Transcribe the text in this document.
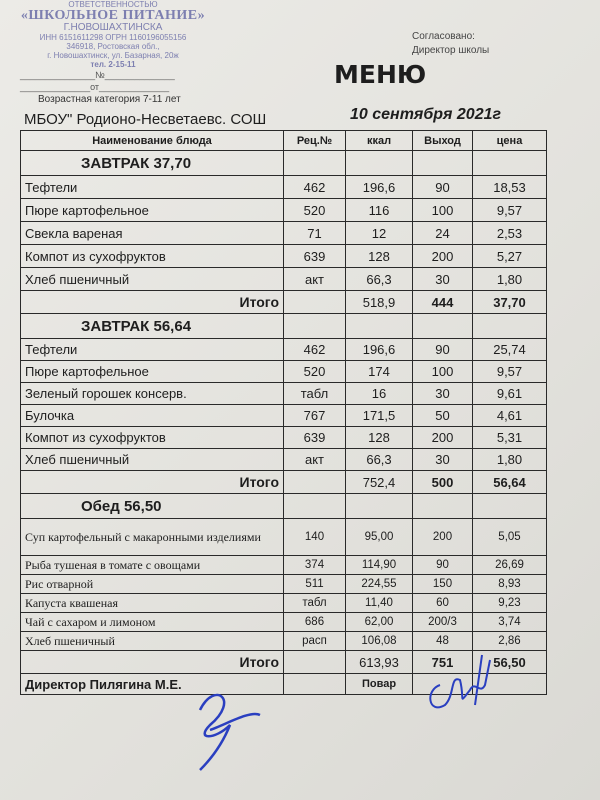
ОТВЕТСТВЕННОСТЬЮ
«ШКОЛЬНОЕ ПИТАНИЕ»
Г.НОВОШАХТИНСКА
ИНН 6151611298 ОГРН 1160196055156
346918, Ростовская обл.,
г. Новошахтинск, ул. Базарная, 20ж
тел. 2-15-11
_______________№______________
______________от______________
Возрастная категория 7-11 лет
Согласовано:
Директор школы
МЕНЮ
МБОУ" Родионо-Несветаевс. СОШ	10 сентября 2021г
Наименование блюда	Рец.№	ккал	Выход	цена
ЗАВТРАК 37,70				
Тефтели	462	196,6	90	18,53
Пюре картофельное	520	116	100	9,57
Свекла вареная	71	12	24	2,53
Компот из сухофруктов	639	128	200	5,27
Хлеб пшеничный	акт	66,3	30	1,80
Итого		518,9	444	37,70
ЗАВТРАК 56,64				
Тефтели	462	196,6	90	25,74
Пюре картофельное	520	174	100	9,57
Зеленый горошек консерв.	табл	16	30	9,61
Булочка	767	171,5	50	4,61
Компот из сухофруктов	639	128	200	5,31
Хлеб пшеничный	акт	66,3	30	1,80
Итого		752,4	500	56,64
Обед 56,50				
Суп картофельный с макаронными изделиями	140	95,00	200	5,05
Рыба тушеная в томате с овощами	374	114,90	90	26,69
Рис отварной	511	224,55	150	8,93
Капуста квашеная	табл	11,40	60	9,23
Чай с сахаром и лимоном	686	62,00	200/3	3,74
Хлеб пшеничный	расп	106,08	48	2,86
Итого		613,93	751	56,50
Директор Пилягина М.Е.		Повар		
